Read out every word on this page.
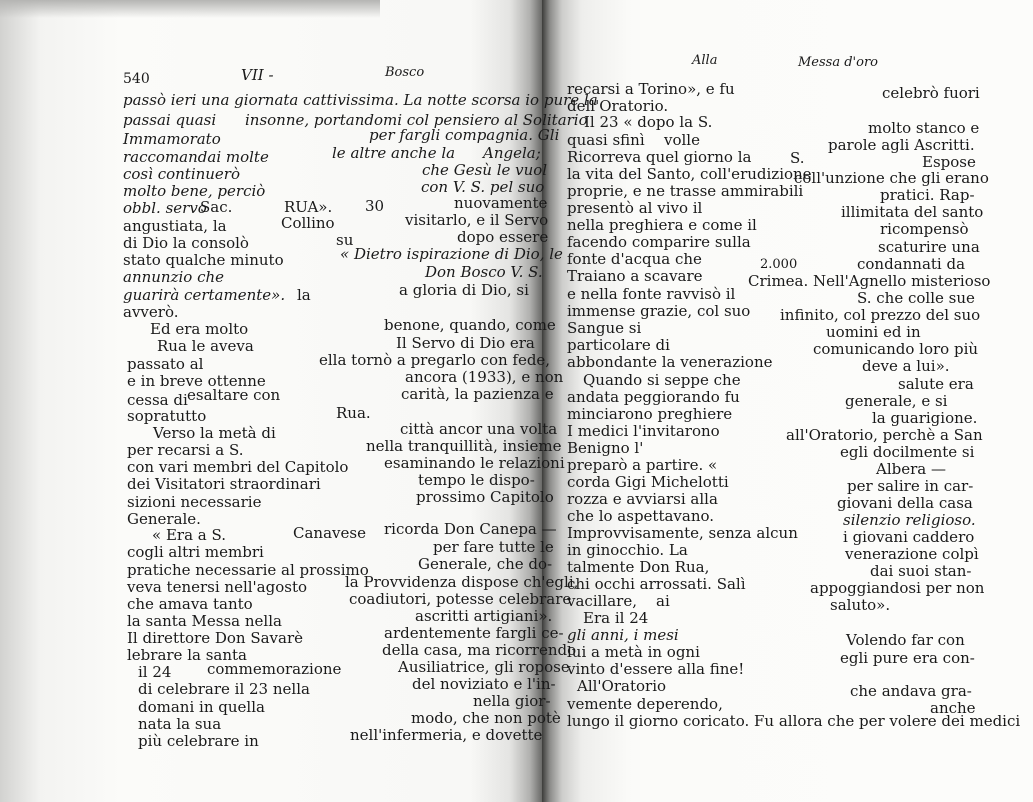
540	VII -	Bosco
passò ieri una giornata cattivissima. La notte scorsa io pure la
passai quasi insonne, portandomi col pensiero al Solitario
Immamorato	per fargli compagnia. Gli
raccomandai molte	le altre anche la Angela;
così continuerò	che Gesù le vuol
molto bene, perciò	con V. S. pel suo
obbl. servo
Sac.	RUA». 30	nuovamente
angustiata, la	Collino	visitarlo, e il Servo
di Dio la consolò	su	dopo essere
stato qualche minuto	« Dietro ispirazione di Dio, le
annunzio che	Don Bosco V. S.
guarirà certamente». la	a gloria di Dio, si
avverò.
Ed era molto	benone, quando, come
Rua le aveva	Il Servo di Dio era
passato al	ella tornò a pregarlo con fede,
ancora (1933), e non
e in breve ottenne
carità, la pazienza e
cessa di esaltare con
sopratutto	Rua.
Verso la metà di	città ancor una volta
per recarsi a S.	nella tranquillità, insieme
con vari membri del Capitolo esaminando le relazioni
dei Visitatori straordinari	tempo le dispo-
sizioni necessarie	prossimo Capitolo
Generale.
« Era a S.	Canavese ricorda Don Canepa —
cogli altri membri	per fare tutte le
pratiche necessarie al prossimo	Generale, che do-
veva tenersi nell'agosto	la Provvidenza dispose ch'egli,
che amava tanto	coadiutori, potesse celebrare
la santa Messa nella	ascritti artigiani».
Il direttore Don Savarè	ardentemente fargli ce-
lebrare la santa	della casa, ma ricorrendo
il 24 commemorazione	Ausiliatrice, gli ropose
di celebrare il 23 nella	del noviziato e l'in-
domani in quella	nella gior-
nata la sua	modo, che non potè
più celebrare in	nell'infermeria, e dovette
Alla	Messa d'oro
recarsi a Torino», e fu	celebrò fuori
dell'Oratorio.
Il 23 « dopo la S.	molto stanco e
quasi sfinì volle	parole agli Ascritti.
Ricorreva quel giorno la	S.	Espose
la vita del Santo, coll'erudizione
coll'unzione che gli erano
proprie, e ne trasse ammirabili	pratici. Rap-
presentò al vivo il	illimitata del santo
nella preghiera e come il	ricompensò
facendo comparire sulla	scaturire una
fonte d'acqua che	2.000	condannati da
Traiano a scavare	Crimea. Nell'Agnello misterioso
e nella fonte ravvisò il	S. che colle sue
immense grazie, col suo infinito, col prezzo del suo
Sangue si	uomini ed in
particolare di	comunicando loro più
abbondante la venerazione	deve a lui».
Quando si seppe che	salute era
andata peggiorando fu	generale, e si
minciarono preghiere	la guarigione.
I medici l'invitarono	all'Oratorio, perchè a San
Benigno l'	egli docilmente si
preparò a partire. «	Albera —
corda Gigi Michelotti	per salire in car-
rozza e avviarsi alla	giovani della casa
che lo aspettavano.	silenzio religioso.
Improvvisamente, senza alcun	i giovani caddero
in ginocchio. La	venerazione colpì
talmente Don Rua,	dai suoi stan-
chi occhi arrossati. Salì	appoggiandosi per non
vacillare, ai	saluto».
Era il 24
gli anni, i mesi	Volendo far con
lui a metà in ogni	egli pure era con-
vinto d'essere alla fine!
All'Oratorio	che andava gra-
vemente deperendo,	anche
lungo il giorno coricato. Fu allora che per volere dei medici
